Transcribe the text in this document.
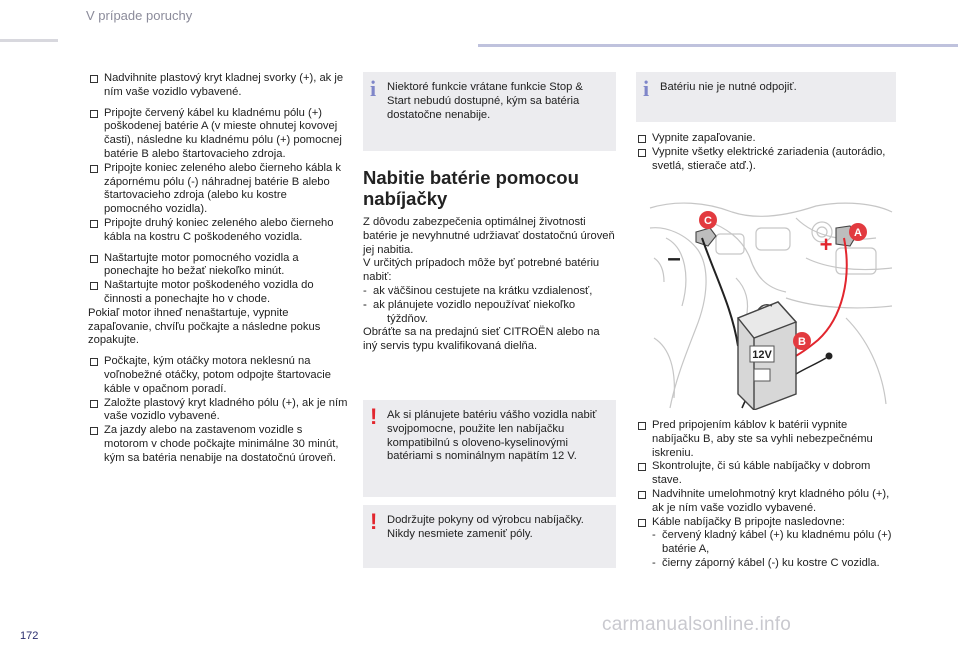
V prípade poruchy

Nadvihnite plastový kryt kladnej svorky (+), ak je ním vaše vozidlo vybavené.

Pripojte červený kábel ku kladnému pólu (+) poškodenej batérie A (v mieste ohnutej kovovej časti), následne ku kladnému pólu (+) pomocnej batérie B alebo štartovacieho zdroja.

Pripojte koniec zeleného alebo čierneho kábla k zápornému pólu (-) náhradnej batérie B alebo štartovacieho zdroja (alebo ku kostre pomocného vozidla).

Pripojte druhý koniec zeleného alebo čierneho kábla na kostru C poškodeného vozidla.

Naštartujte motor pomocného vozidla a ponechajte ho bežať niekoľko minút.

Naštartujte motor poškodeného vozidla do činnosti a ponechajte ho v chode.

Pokiaľ motor ihneď nenaštartuje, vypnite zapaľovanie, chvíľu počkajte a následne pokus zopakujte.

Počkajte, kým otáčky motora neklesnú na voľnobežné otáčky, potom odpojte štartovacie káble v opačnom poradí.

Založte plastový kryt kladného pólu (+), ak je ním vaše vozidlo vybavené.

Za jazdy alebo na zastavenom vozidle s motorom v chode počkajte minimálne 30 minút, kým sa batéria nenabije na dostatočnú úroveň.

i Niektoré funkcie vrátane funkcie Stop & Start nebudú dostupné, kým sa batéria dostatočne nenabije.
Nabitie batérie pomocou nabíjačky

Z dôvodu zabezpečenia optimálnej životnosti batérie je nevyhnutné udržiavať dostatočnú úroveň jej nabitia.

V určitých prípadoch môže byť potrebné batériu nabiť:

- ak väčšinou cestujete na krátku vzdialenosť,

- - ak plánujete vozidlo nepoužívať niekoľko týždňov.

Obráťte sa na predajnú sieť CITROËN alebo na iný servis typu kvalifikovaná dielňa.

! Ak si plánujete batériu vášho vozidla nabiť svojpomocne, použite len nabíjačku kompatibilnú s oloveno-kyselinovými batériami s nominálnym napätím 12 V.
! Dodržujte pokyny od výrobcu nabíjačky. Nikdy nesmiete zameniť póly.
i Batériu nie je nutné odpojiť.

Vypnite zapaľovanie.

Vypnite všetky elektrické zariadenia (autorádio, svetlá, stierače atď.).

12V
+
–
C
A
B

Pred pripojením káblov k batérii vypnite nabíjačku B, aby ste sa vyhli nebezpečnému iskreniu.

Skontrolujte, či sú káble nabíjačky v dobrom stave.

Nadvihnite umelohmotný kryt kladného pólu (+), ak je ním vaše vozidlo vybavené.

Káble nabíjačky B pripojte nasledovne:

- červený kladný kábel (+) ku kladnému pólu (+) batérie A,

- čierny záporný kábel (-) ku kostre C vozidla.

172
carmanualsonline.info
